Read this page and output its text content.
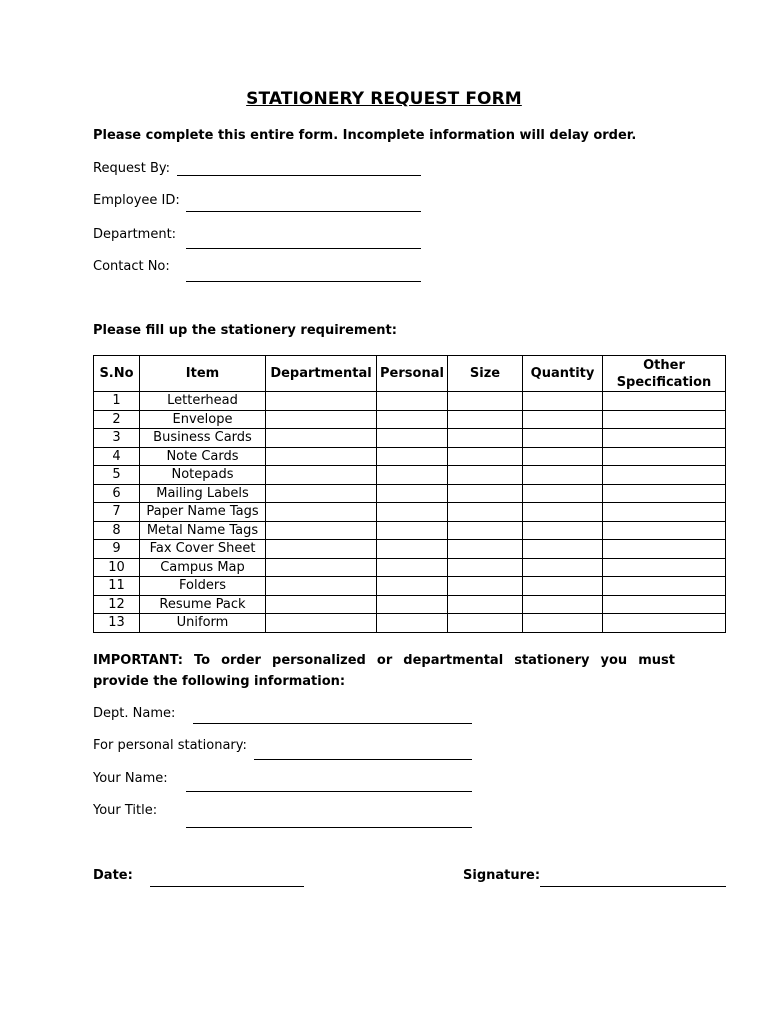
STATIONERY REQUEST FORM
Please complete this entire form. Incomplete information will delay order.
Request By:
Employee ID:
Department:
Contact No:
Please fill up the stationery requirement:
S.No	Item	Departmental	Personal	Size	Quantity	Other Specification
1	Letterhead					
2	Envelope					
3	Business Cards					
4	Note Cards					
5	Notepads					
6	Mailing Labels					
7	Paper Name Tags					
8	Metal Name Tags					
9	Fax Cover Sheet					
10	Campus Map					
11	Folders					
12	Resume Pack					
13	Uniform					
IMPORTANT: To order personalized or departmental stationery you must provide the following information:
Dept. Name:
For personal stationary:
Your Name:
Your Title:
Date:	Signature:
